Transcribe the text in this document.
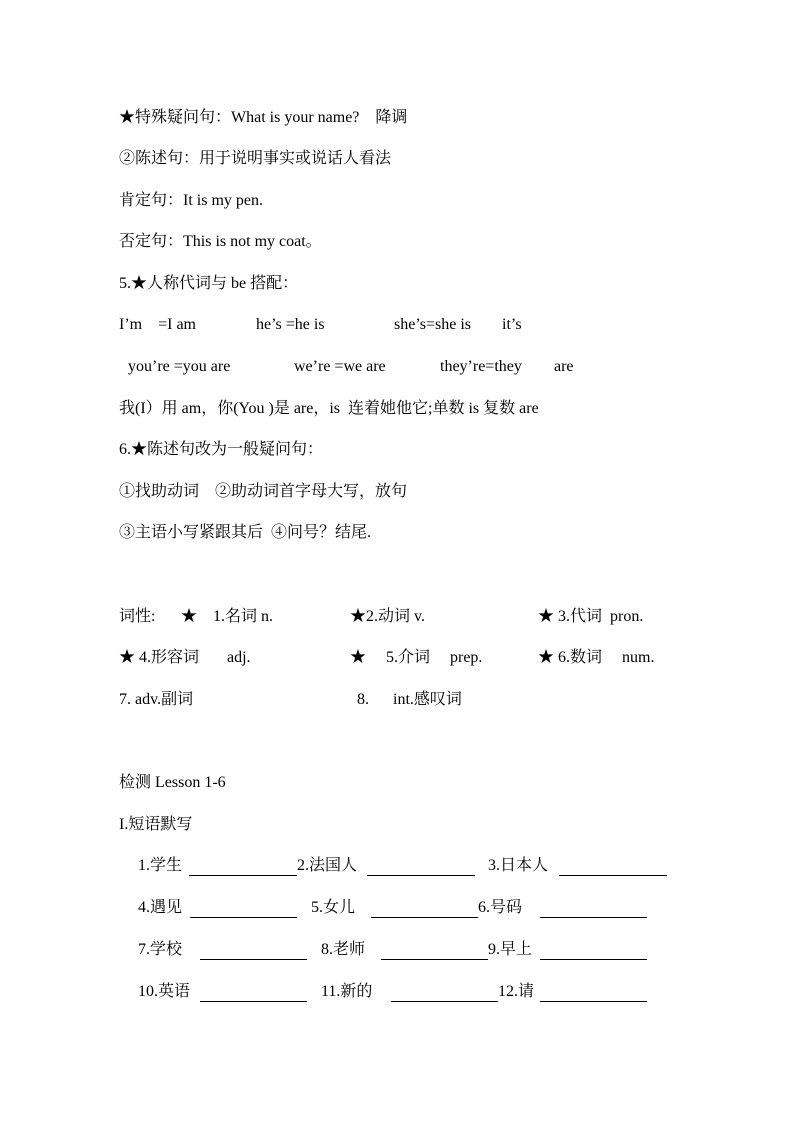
★特殊疑问句：What is your name?    降调
②陈述句：用于说明事实或说话人看法
肯定句：It is my pen.
否定句：This is not my coat。
5.★人称代词与 be 搭配：
I’m    =I am	he’s =he is	she’s=she is it’s
you’re =you are	we’re =we are	they’re=they are
我(I）用 am，你(You )是 are，is  连着她他它;单数 is 复数 are
6.★陈述句改为一般疑问句：
①找助动词    ②助动词首字母大写，放句
③主语小写紧跟其后  ④问号？结尾.
词性: ★    1.名词 n.	★2.动词 v.	★ 3.代词  pron.
★ 4.形容词       adj.	★     5.介词     prep.	★ 6.数词     num.
7. adv.副词	8.      int.感叹词
检测 Lesson 1-6
I.短语默写
1.学生	2.法国人	3.日本人
4.遇见	5.女儿	6.号码
7.学校	8.老师	9.早上
10.英语	11.新的	12.请
